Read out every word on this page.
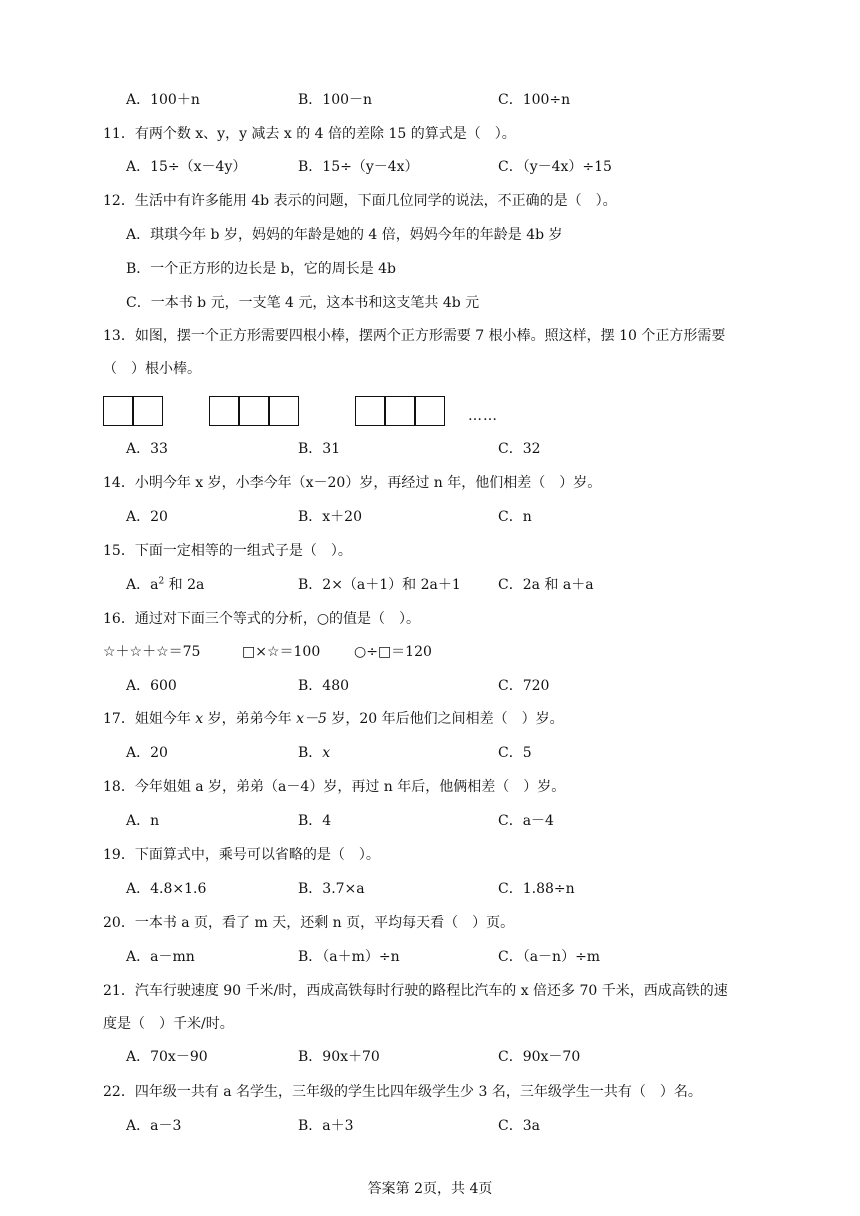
A．100＋n	B．100－n	C．100÷n
11．有两个数 x、y，y 减去 x 的 4 倍的差除 15 的算式是（　）。
A．15÷（x－4y）	B．15÷（y－4x）	C．（y－4x）÷15
12．生活中有许多能用 4b 表示的问题，下面几位同学的说法，不正确的是（　）。
A．琪琪今年 b 岁，妈妈的年龄是她的 4 倍，妈妈今年的年龄是 4b 岁
B．一个正方形的边长是 b，它的周长是 4b
C．一本书 b 元，一支笔 4 元，这本书和这支笔共 4b 元
13．如图，摆一个正方形需要四根小棒，摆两个正方形需要 7 根小棒。照这样，摆 10 个正方形需要
（　）根小棒。
……
A．33	B．31	C．32
14．小明今年 x 岁，小李今年（x－20）岁，再经过 n 年，他们相差（　）岁。
A．20	B．x＋20	C．n
15．下面一定相等的一组式子是（　）。
A．$a^2$ 和 2a	B．2×（a＋1）和 2a＋1	C．2a 和 a＋a
16．通过对下面三个等式的分析，○的值是（　）。
☆＋☆＋☆＝75	□×☆＝100 ○÷□＝120
A．600	B．480	C．720
17．姐姐今年 x 岁，弟弟今年 x－5 岁，20 年后他们之间相差（　）岁。
A．20	B．x	C．5
18．今年姐姐 a 岁，弟弟（a－4）岁，再过 n 年后，他俩相差（　）岁。
A．n	B．4	C．a－4
19．下面算式中，乘号可以省略的是（　）。
A．4.8×1.6	B．3.7×a	C．1.88÷n
20．一本书 a 页，看了 m 天，还剩 n 页，平均每天看（　）页。
A．a－mn	B．（a＋m）÷n	C．（a－n）÷m
21．汽车行驶速度 90 千米/时，西成高铁每时行驶的路程比汽车的 x 倍还多 70 千米，西成高铁的速
度是（　）千米/时。
A．70x－90	B．90x＋70	C．90x－70
22．四年级一共有 a 名学生，三年级的学生比四年级学生少 3 名，三年级学生一共有（　）名。
A．a－3	B．a＋3	C．3a
答案第 2页，共 4页
